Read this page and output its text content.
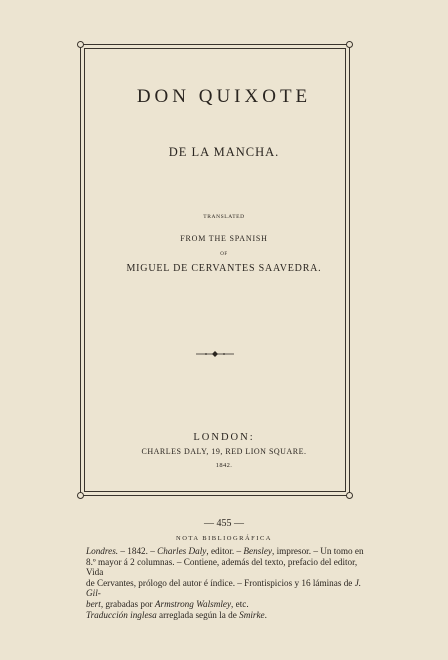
DON QUIXOTE
DE LA MANCHA.
TRANSLATED
FROM THE SPANISH
OF
MIGUEL DE CERVANTES SAAVEDRA.
LONDON:
CHARLES DALY, 19, RED LION SQUARE.
1842.
— 455 —
NOTA BIBLIOGRÁFICA

Londres. – 1842. – Charles Daly, editor. – Bensley, impresor. – Un tomo en

8.º mayor á 2 columnas. – Contiene, además del texto, prefacio del editor, Vida

de Cervantes, prólogo del autor é índice. – Frontispicios y 16 láminas de J. Gil-

bert, grabadas por Armstrong Walsmley, etc.

Traducción inglesa arreglada según la de Smirke.
